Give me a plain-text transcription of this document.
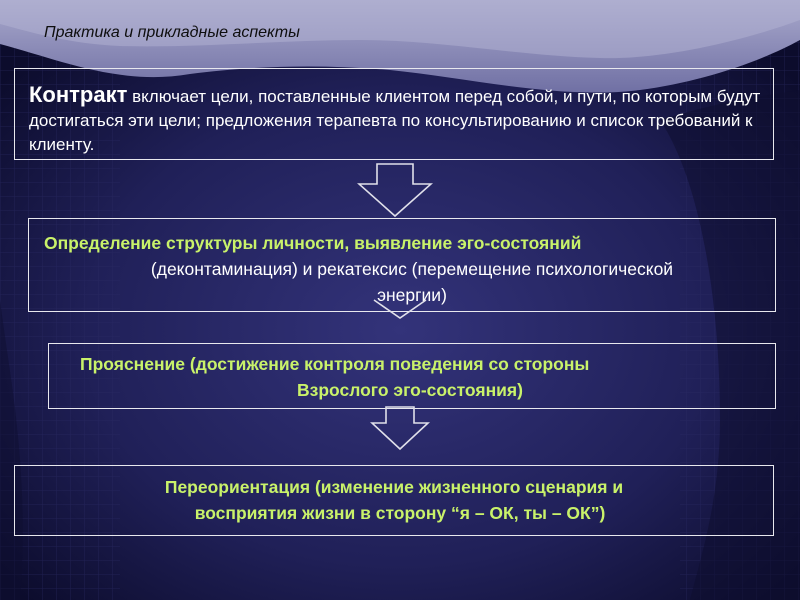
Практика и прикладные аспекты
Контракт включает цели, поставленные клиентом перед собой, и пути, по которым будут достигаться эти цели; предложения терапевта по консультированию и список требований к клиенту.
Определение структуры личности, выявление эго-состояний
(деконтаминация) и рекатексис (перемещение психологической
энергии)
Прояснение (достижение контроля поведения со стороны
Взрослого эго-состояния)
Переориентация (изменение жизненного сценария и
восприятия жизни в сторону “я – ОК, ты – ОК”)
